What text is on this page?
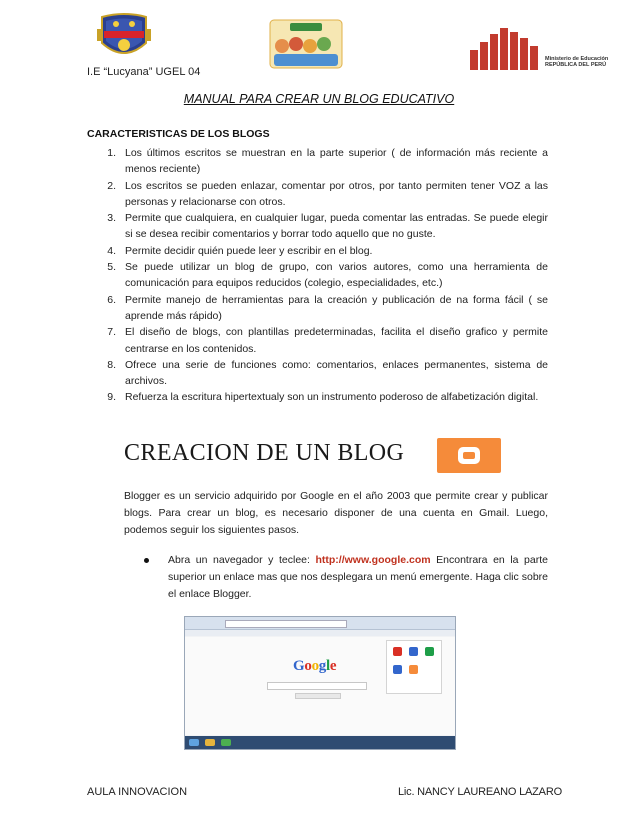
Ministerio de Educación
REPÚBLICA DEL PERÚ
I.E “Lucyana” UGEL 04
MANUAL PARA CREAR UN BLOG EDUCATIVO
CARACTERISTICAS DE LOS BLOGS
1. Los últimos escritos se muestran en la parte superior ( de información más reciente a menos reciente)
2. Los escritos se pueden enlazar, comentar por otros, por tanto permiten tener VOZ a las personas y relacionarse con otros.
3. Permite que cualquiera, en cualquier lugar, pueda comentar las entradas. Se puede elegir si se desea recibir comentarios y borrar todo aquello que no guste.
4. Permite decidir quién puede leer y escribir en el blog.
5. Se puede utilizar un blog de grupo, con varios autores, como una herramienta de comunicación para equipos reducidos (colegio, especialidades, etc.)
6. Permite manejo de herramientas para la creación y publicación de na forma fácil ( se aprende más rápido)
7. El diseño de blogs, con plantillas predeterminadas, facilita el diseño grafico y permite centrarse en los contenidos.
8. Ofrece una serie de funciones como: comentarios, enlaces permanentes, sistema de archivos.
9. Refuerza la escritura hipertextualy son un instrumento poderoso de alfabetización digital.
CREACION DE UN BLOG
Blogger es un servicio adquirido por Google en el año 2003 que permite crear y publicar blogs. Para crear un blog, es necesario disponer de una cuenta en Gmail. Luego, podemos seguir los siguientes pasos.
Abra un navegador y teclee: http://www.google.com Encontrara en la parte superior un enlace mas que nos desplegara un menú emergente. Haga clic sobre el enlace Blogger.
Google
AULA INNOVACION	Lic. NANCY LAUREANO LAZARO
